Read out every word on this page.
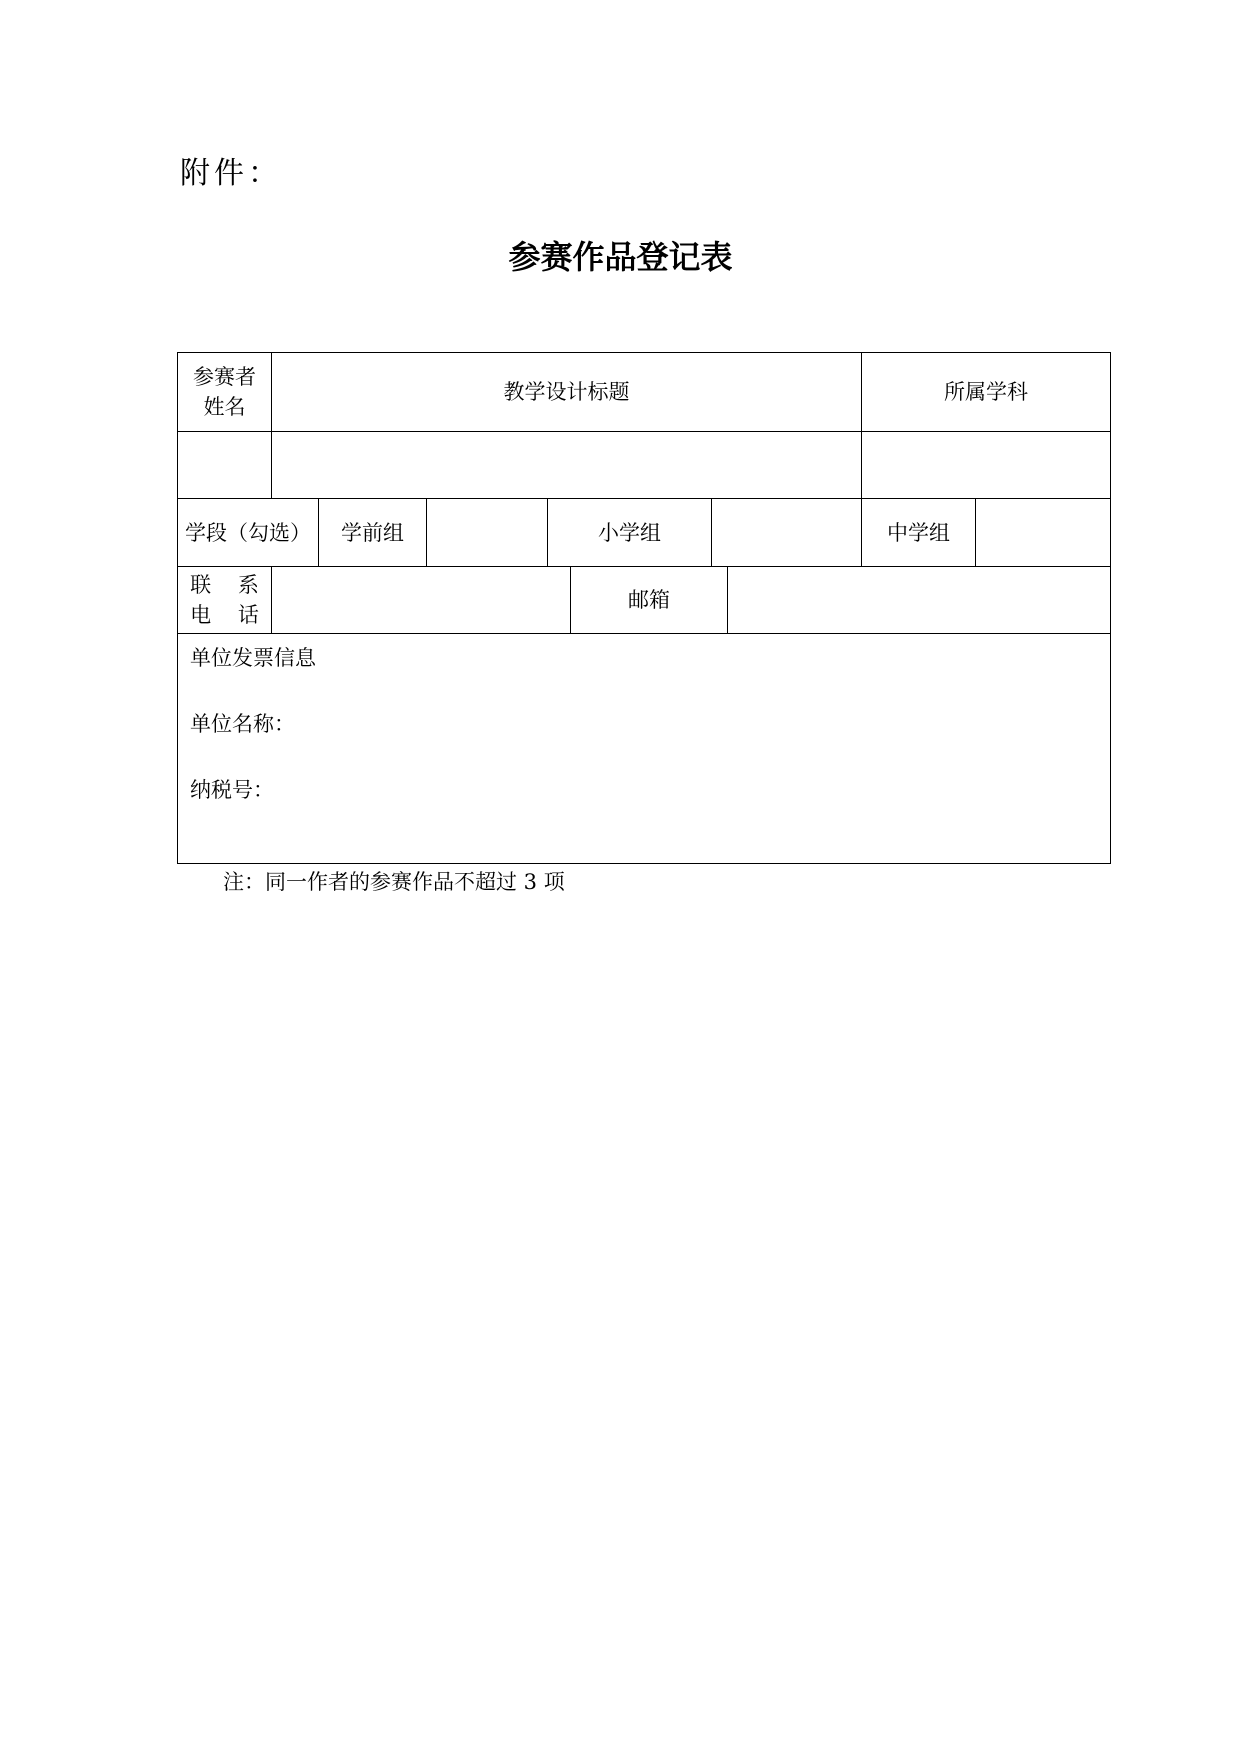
附件：
参赛作品登记表
参赛者
姓名	教学设计标题							所属学科	

学段（勾选）		学前组		小学组				中学组	

联 系
电 话					邮箱				

单位发票信息
单位名称：
纳税号：									
注：同一作者的参赛作品不超过 3 项
